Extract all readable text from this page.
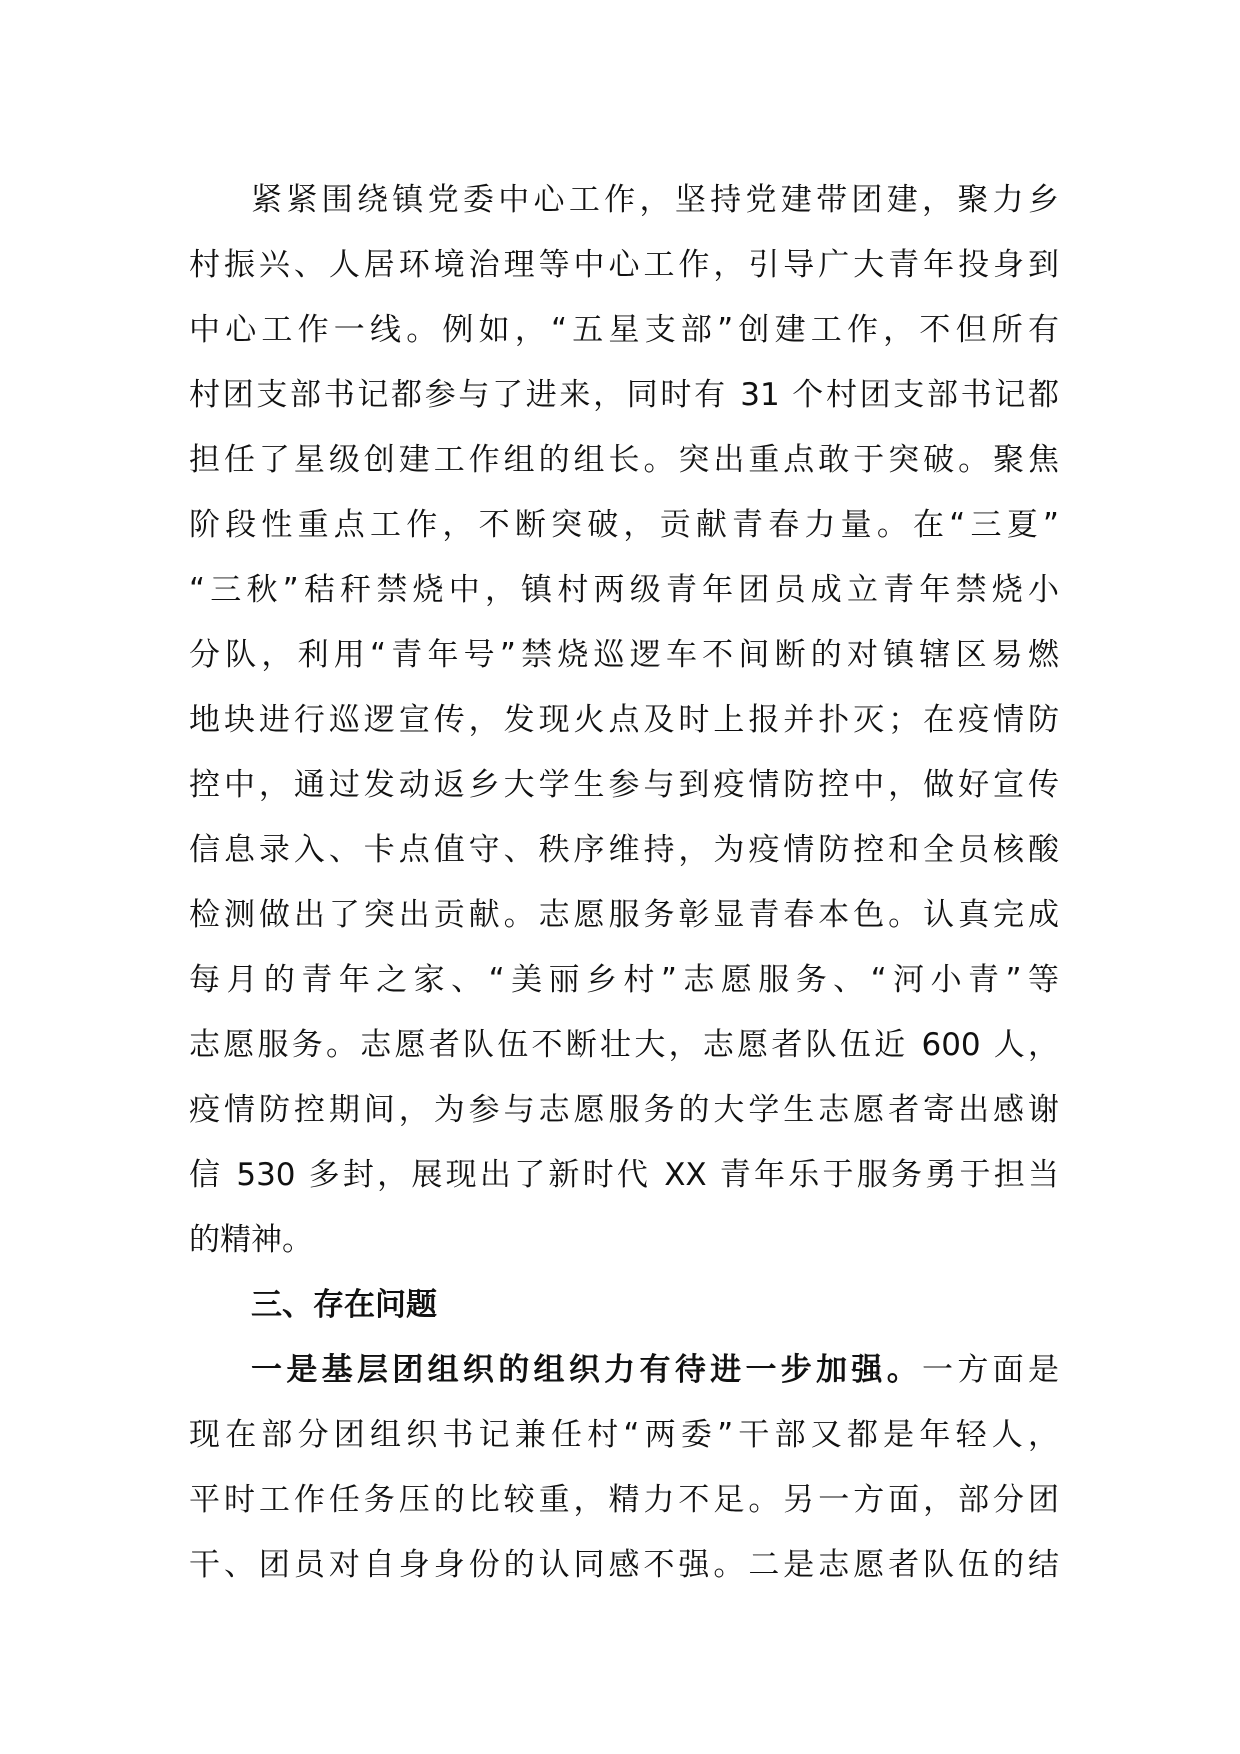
紧紧围绕镇党委中心工作，坚持党建带团建，聚力乡
村振兴、人居环境治理等中心工作，引导广大青年投身到
中心工作一线。例如，“五星支部”创建工作，不但所有
村团支部书记都参与了进来，同时有 31 个村团支部书记都
担任了星级创建工作组的组长。突出重点敢于突破。聚焦
阶段性重点工作，不断突破，贡献青春力量。在“三夏”
“三秋”秸秆禁烧中，镇村两级青年团员成立青年禁烧小
分队，利用“青年号”禁烧巡逻车不间断的对镇辖区易燃
地块进行巡逻宣传，发现火点及时上报并扑灭；在疫情防
控中，通过发动返乡大学生参与到疫情防控中，做好宣传
信息录入、卡点值守、秩序维持，为疫情防控和全员核酸
检测做出了突出贡献。志愿服务彰显青春本色。认真完成
每月的青年之家、“美丽乡村”志愿服务、“河小青”等
志愿服务。志愿者队伍不断壮大，志愿者队伍近 600 人，
疫情防控期间，为参与志愿服务的大学生志愿者寄出感谢
信 530 多封，展现出了新时代 XX 青年乐于服务勇于担当
的精神。
三、存在问题
一是基层团组织的组织力有待进一步加强。一方面是
现在部分团组织书记兼任村“两委”干部又都是年轻人，
平时工作任务压的比较重，精力不足。另一方面，部分团
干、团员对自身身份的认同感不强。二是志愿者队伍的结
